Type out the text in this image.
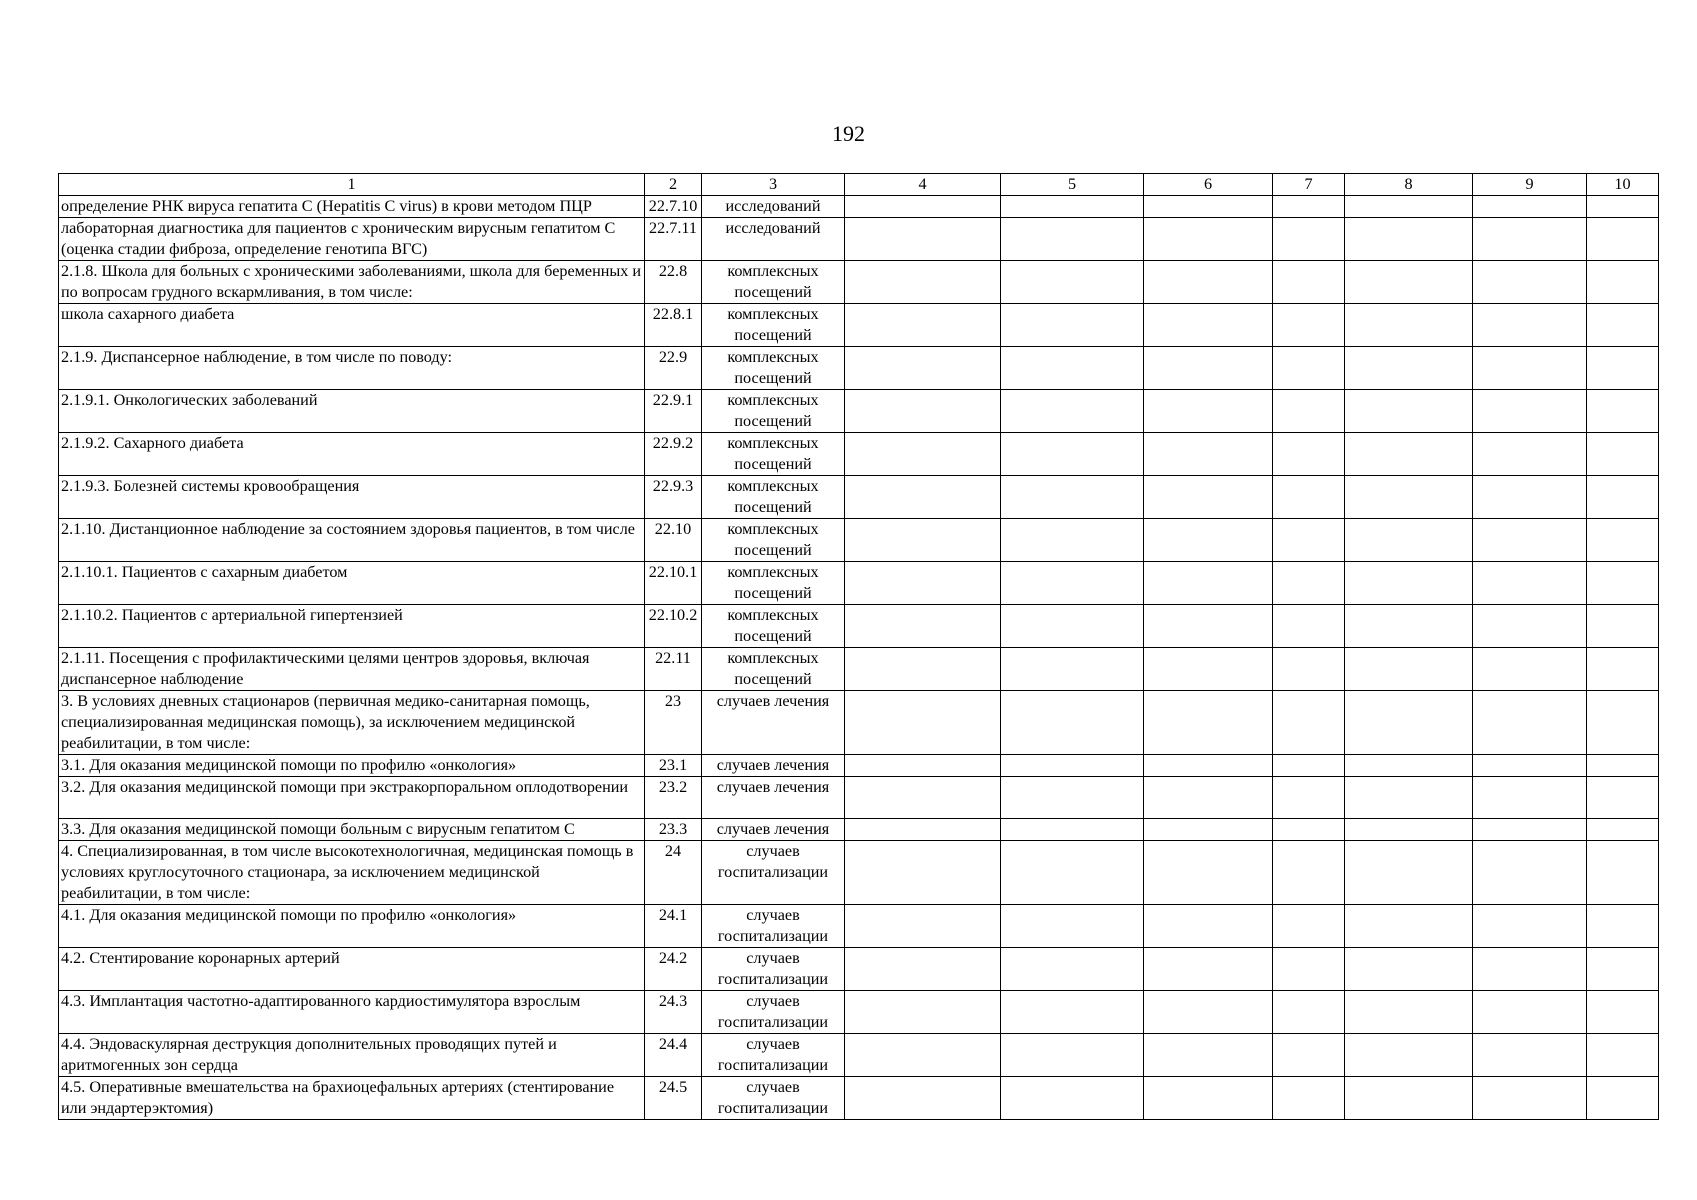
192
1	2	3	4	5	6	7	8	9	10
определение РНК вируса гепатита С (Hepatitis C virus) в крови методом ПЦР	22.7.10	исследований							
лабораторная диагностика для пациентов с хроническим вирусным гепатитом С (оценка стадии фиброза, определение генотипа ВГС)	22.7.11	исследований							
2.1.8. Школа для больных с хроническими заболеваниями, школа для беременных и по вопросам грудного вскармливания, в том числе:	22.8	комплексных посещений							
школа сахарного диабета	22.8.1	комплексных посещений							
2.1.9. Диспансерное наблюдение, в том числе по поводу:	22.9	комплексных посещений							
2.1.9.1. Онкологических заболеваний	22.9.1	комплексных посещений							
2.1.9.2. Сахарного диабета	22.9.2	комплексных посещений							
2.1.9.3. Болезней системы кровообращения	22.9.3	комплексных посещений							
2.1.10. Дистанционное наблюдение за состоянием здоровья пациентов, в том числе	22.10	комплексных посещений							
2.1.10.1. Пациентов с сахарным диабетом	22.10.1	комплексных посещений							
2.1.10.2. Пациентов с артериальной гипертензией	22.10.2	комплексных посещений							
2.1.11. Посещения с профилактическими целями центров здоровья, включая диспансерное наблюдение	22.11	комплексных посещений							
3. В условиях дневных стационаров (первичная медико-санитарная помощь, специализированная медицинская помощь), за исключением медицинской реабилитации, в том числе:	23	случаев лечения							
3.1. Для оказания медицинской помощи по профилю «онкология»	23.1	случаев лечения							
3.2. Для оказания медицинской помощи при экстракорпоральном оплодотворении	23.2	случаев лечения							
3.3. Для оказания медицинской помощи больным с вирусным гепатитом С	23.3	случаев лечения							
4. Специализированная, в том числе высокотехнологичная, медицинская помощь в условиях круглосуточного стационара, за исключением медицинской реабилитации, в том числе:	24	случаев госпитализации							
4.1. Для оказания медицинской помощи по профилю «онкология»	24.1	случаев госпитализации							
4.2. Стентирование коронарных артерий	24.2	случаев госпитализации							
4.3. Имплантация частотно-адаптированного кардиостимулятора взрослым	24.3	случаев госпитализации							
4.4. Эндоваскулярная деструкция дополнительных проводящих путей и аритмогенных зон сердца	24.4	случаев госпитализации							
4.5. Оперативные вмешательства на брахиоцефальных артериях (стентирование или эндартерэктомия)	24.5	случаев госпитализации							
